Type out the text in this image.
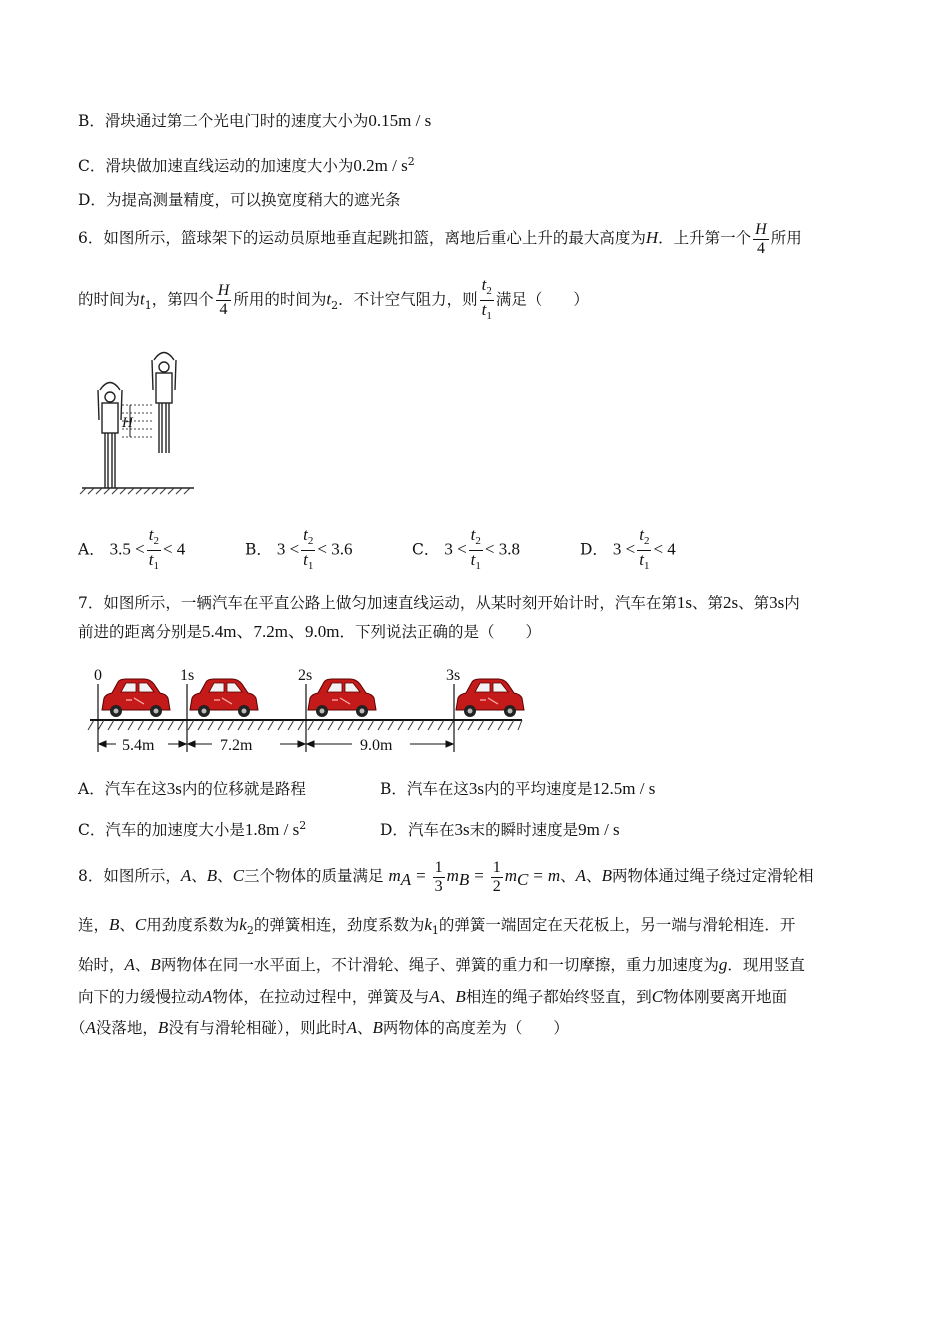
B．滑块通过第二个光电门时的速度大小为0.15m / s
C．滑块做加速直线运动的加速度大小为$0.2m / s^2$
D．为提高测量精度，可以换宽度稍大的遮光条
6．如图所示，篮球架下的运动员原地垂直起跳扣篮，离地后重心上升的最大高度为H．上升第一个 $\frac{H}{4}$ 所用
的时间为$t_1$，第四个 $\frac{H}{4}$ 所用的时间为$t_2$．不计空气阻力，则 $\frac{t_2}{t_1}$ 满足（　　）
H
A． $3.5 < \frac{t_2}{t_1} < 4$	B． $3 < \frac{t_2}{t_1} < 3.6$	C． $3 < \frac{t_2}{t_1} < 3.8$	D． $3 < \frac{t_2}{t_1} < 4$
7．如图所示，一辆汽车在平直公路上做匀加速直线运动，从某时刻开始计时，汽车在第1s、第2s、第3s内
前进的距离分别是5.4m、7.2m、9.0m．下列说法正确的是（　　）
0	1s	2s	3s
5.4m	7.2m	9.0m
A．汽车在这3s内的位移就是路程	B．汽车在这3s内的平均速度是12.5m / s
C．汽车的加速度大小是$1.8m / s^2$	D．汽车在3s末的瞬时速度是9m / s
8．如图所示，A、B、C三个物体的质量满足 $m_A = \frac{1}{3} m_B = \frac{1}{2} m_C = m$、A、B两物体通过绳子绕过定滑轮相
连，B、C用劲度系数为$k_2$的弹簧相连，劲度系数为$k_1$的弹簧一端固定在天花板上，另一端与滑轮相连．开
始时，A、B两物体在同一水平面上，不计滑轮、绳子、弹簧的重力和一切摩擦，重力加速度为g．现用竖直
向下的力缓慢拉动A物体，在拉动过程中，弹簧及与A、B相连的绳子都始终竖直，到C物体刚要离开地面
（A没落地，B没有与滑轮相碰），则此时A、B两物体的高度差为（　　）
